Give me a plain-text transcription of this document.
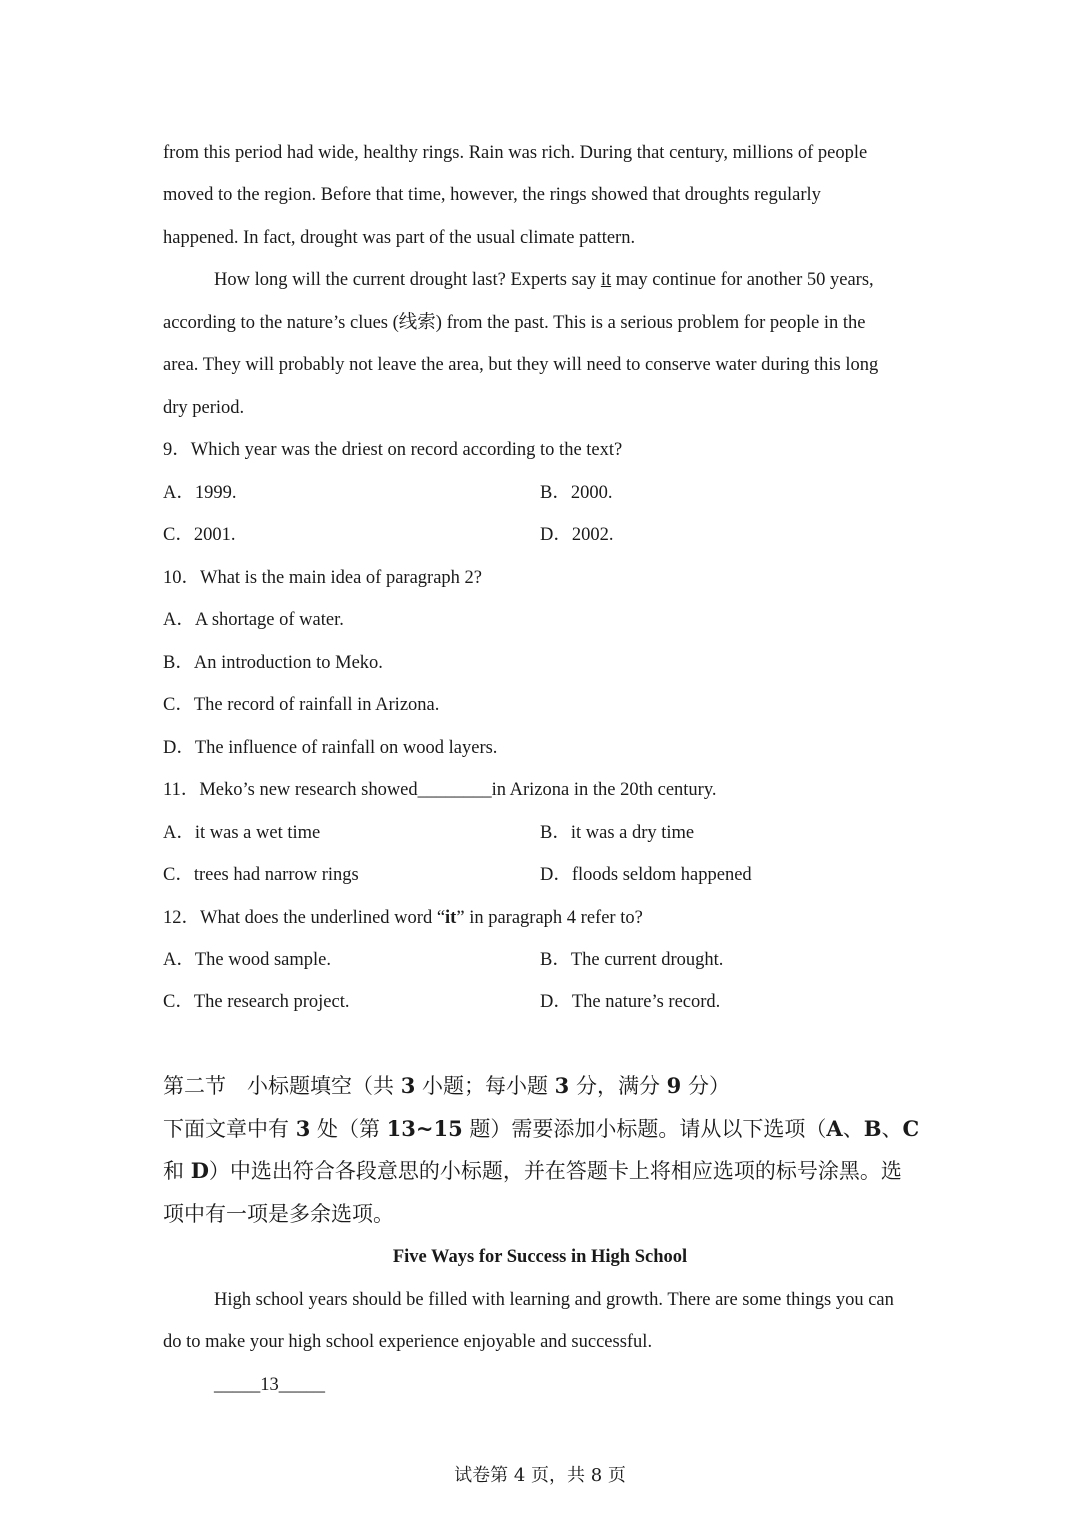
from this period had wide, healthy rings. Rain was rich. During that century, millions of people
moved to the region. Before that time, however, the rings showed that droughts regularly
happened. In fact, drought was part of the usual climate pattern.
How long will the current drought last? Experts say it may continue for another 50 years,
according to the nature’s clues (线索) from the past. This is a serious problem for people in the
area. They will probably not leave the area, but they will need to conserve water during this long
dry period.
9．Which year was the driest on record according to the text?
A．1999.	B．2000.
C．2001.	D．2002.
10．What is the main idea of paragraph 2?
A．A shortage of water.
B．An introduction to Meko.
C．The record of rainfall in Arizona.
D．The influence of rainfall on wood layers.
11．Meko’s new research showed________in Arizona in the 20th century.
A．it was a wet time	B．it was a dry time
C．trees had narrow rings	D．floods seldom happened
12．What does the underlined word “it” in paragraph 4 refer to?
A．The wood sample.	B．The current drought.
C．The research project.	D．The nature’s record.
第二节　小标题填空（共 3 小题；每小题 3 分，满分 9 分）
下面文章中有 3 处（第 13~15 题）需要添加小标题。请从以下选项（A、B、C
和 D）中选出符合各段意思的小标题，并在答题卡上将相应选项的标号涂黑。选
项中有一项是多余选项。
Five Ways for Success in High School
High school years should be filled with learning and growth. There are some things you can
do to make your high school experience enjoyable and successful.
_____13_____
试卷第 4 页，共 8 页
